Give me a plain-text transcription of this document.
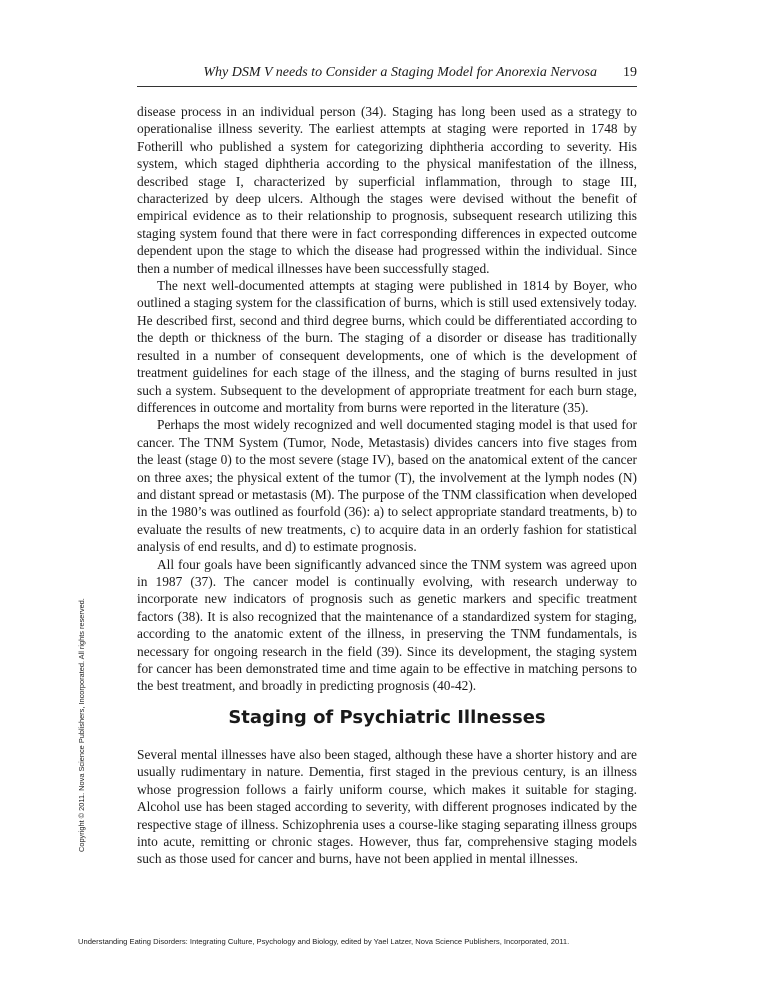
Why DSM V needs to Consider a Staging Model for Anorexia Nervosa 19

disease process in an individual person (34). Staging has long been used as a strategy to operationalise illness severity. The earliest attempts at staging were reported in 1748 by Fotherill who published a system for categorizing diphtheria according to severity. His system, which staged diphtheria according to the physical manifestation of the illness, described stage I, characterized by superficial inflammation, through to stage III, characterized by deep ulcers. Although the stages were devised without the benefit of empirical evidence as to their relationship to prognosis, subsequent research utilizing this staging system found that there were in fact corresponding differences in expected outcome dependent upon the stage to which the disease had progressed within the individual. Since then a number of medical illnesses have been successfully staged.

The next well-documented attempts at staging were published in 1814 by Boyer, who outlined a staging system for the classification of burns, which is still used extensively today. He described first, second and third degree burns, which could be differentiated according to the depth or thickness of the burn. The staging of a disorder or disease has traditionally resulted in a number of consequent developments, one of which is the development of treatment guidelines for each stage of the illness, and the staging of burns resulted in just such a system. Subsequent to the development of appropriate treatment for each burn stage, differences in outcome and mortality from burns were reported in the literature (35).

Perhaps the most widely recognized and well documented staging model is that used for cancer. The TNM System (Tumor, Node, Metastasis) divides cancers into five stages from the least (stage 0) to the most severe (stage IV), based on the anatomical extent of the cancer on three axes; the physical extent of the tumor (T), the involvement at the lymph nodes (N) and distant spread or metastasis (M). The purpose of the TNM classification when developed in the 1980’s was outlined as fourfold (36): a) to select appropriate standard treatments, b) to evaluate the results of new treatments, c) to acquire data in an orderly fashion for statistical analysis of end results, and d) to estimate prognosis.

All four goals have been significantly advanced since the TNM system was agreed upon in 1987 (37). The cancer model is continually evolving, with research underway to incorporate new indicators of prognosis such as genetic markers and specific treatment factors (38). It is also recognized that the maintenance of a standardized system for staging, according to the anatomic extent of the illness, in preserving the TNM fundamentals, is necessary for ongoing research in the field (39). Since its development, the staging system for cancer has been demonstrated time and time again to be effective in matching persons to the best treatment, and broadly in predicting prognosis (40-42).

Staging of Psychiatric Illnesses

Several mental illnesses have also been staged, although these have a shorter history and are usually rudimentary in nature. Dementia, first staged in the previous century, is an illness whose progression follows a fairly uniform course, which makes it suitable for staging. Alcohol use has been staged according to severity, with different prognoses indicated by the respective stage of illness. Schizophrenia uses a course-like staging separating illness groups into acute, remitting or chronic stages. However, thus far, comprehensive staging models such as those used for cancer and burns, have not been applied in mental illnesses.

Copyright © 2011. Nova Science Publishers, Incorporated. All rights reserved.
Understanding Eating Disorders: Integrating Culture, Psychology and Biology, edited by Yael Latzer, Nova Science Publishers, Incorporated, 2011.
